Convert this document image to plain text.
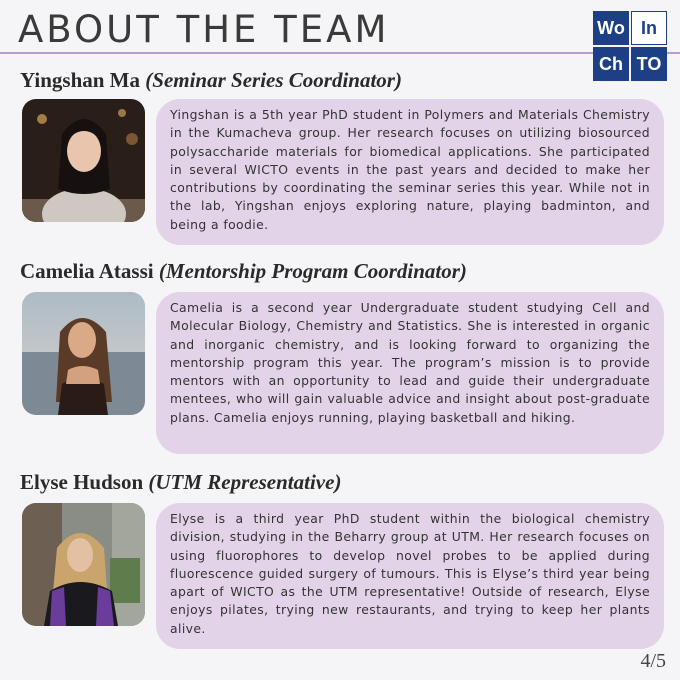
ABOUT THE TEAM	Wo In
Ch TO
Yingshan Ma (Seminar Series Coordinator)
Yingshan is a 5th year PhD student in Polymers and Materials Chemistry in the Kumacheva group. Her research focuses on utilizing biosourced polysaccharide materials for biomedical applications. She participated in several WICTO events in the past years and decided to make her contributions by coordinating the seminar series this year. While not in the lab, Yingshan enjoys exploring nature, playing badminton, and being a foodie.
Camelia Atassi (Mentorship Program Coordinator)
Camelia is a second year Undergraduate student studying Cell and Molecular Biology, Chemistry and Statistics. She is interested in organic and inorganic chemistry, and is looking forward to organizing the mentorship program this year. The program’s mission is to provide mentors with an opportunity to lead and guide their undergraduate mentees, who will gain valuable advice and insight about post-graduate plans. Camelia enjoys running, playing basketball and hiking.
Elyse Hudson (UTM Representative)
Elyse is a third year PhD student within the biological chemistry division, studying in the Beharry group at UTM. Her research focuses on using fluorophores to develop novel probes to be applied during fluorescence guided surgery of tumours. This is Elyse’s third year being apart of WICTO as the UTM representative! Outside of research, Elyse enjoys pilates, trying new restaurants, and trying to keep her plants alive.
4/5
